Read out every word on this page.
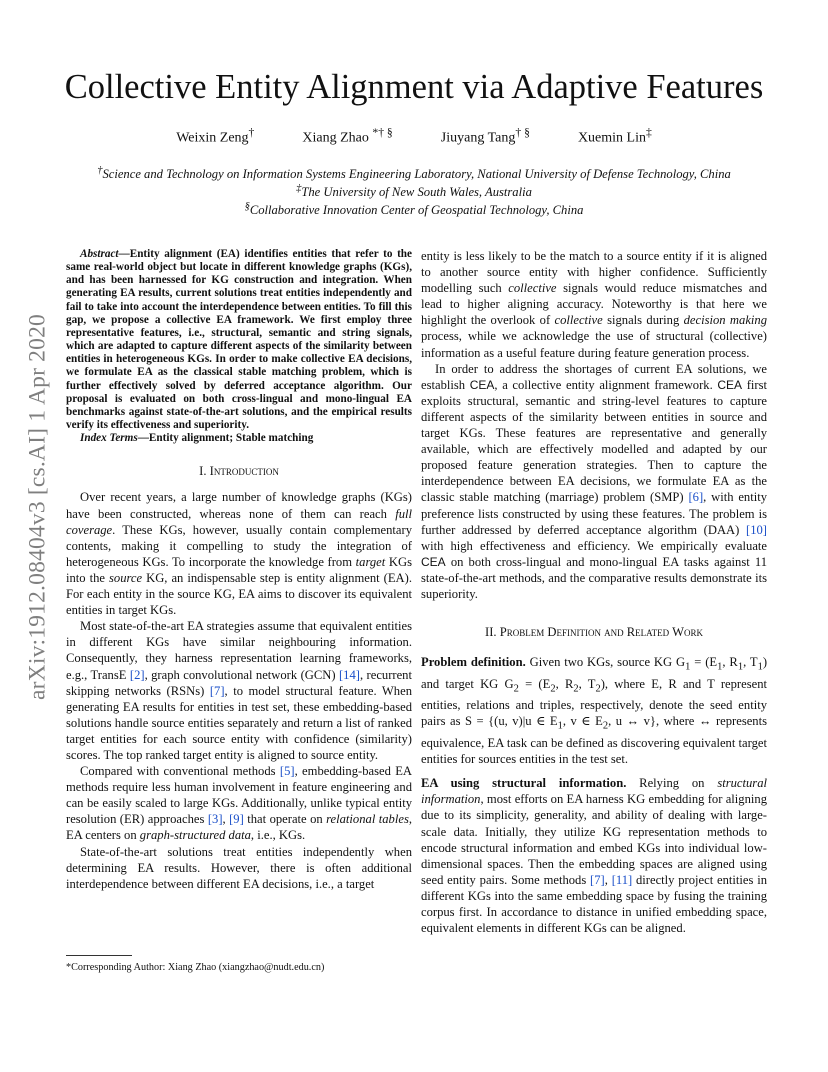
arXiv:1912.08404v3 [cs.AI] 1 Apr 2020
Collective Entity Alignment via Adaptive Features
Weixin Zeng†	Xiang Zhao *† §	Jiuyang Tang† §	Xuemin Lin‡
†Science and Technology on Information Systems Engineering Laboratory, National University of Defense Technology, China
‡The University of New South Wales, Australia
§Collaborative Innovation Center of Geospatial Technology, China

Abstract—Entity alignment (EA) identifies entities that refer to the same real-world object but locate in different knowledge graphs (KGs), and has been harnessed for KG construction and integration. When generating EA results, current solutions treat entities independently and fail to take into account the interdependence between entities. To fill this gap, we propose a collective EA framework. We first employ three representative features, i.e., structural, semantic and string signals, which are adapted to capture different aspects of the similarity between entities in heterogeneous KGs. In order to make collective EA decisions, we formulate EA as the classical stable matching problem, which is further effectively solved by deferred acceptance algorithm. Our proposal is evaluated on both cross-lingual and mono-lingual EA benchmarks against state-of-the-art solutions, and the empirical results verify its effectiveness and superiority.

Index Terms—Entity alignment; Stable matching

I. Introduction

Over recent years, a large number of knowledge graphs (KGs) have been constructed, whereas none of them can reach full coverage. These KGs, however, usually contain complementary contents, making it compelling to study the integration of heterogeneous KGs. To incorporate the knowledge from target KGs into the source KG, an indispensable step is entity alignment (EA). For each entity in the source KG, EA aims to discover its equivalent entities in target KGs.

Most state-of-the-art EA strategies assume that equivalent entities in different KGs have similar neighbouring information. Consequently, they harness representation learning frameworks, e.g., TransE [2], graph convolutional network (GCN) [14], recurrent skipping networks (RSNs) [7], to model structural feature. When generating EA results for entities in test set, these embedding-based solutions handle source entities separately and return a list of ranked target entities for each source entity with confidence (similarity) scores. The top ranked target entity is aligned to source entity.

Compared with conventional methods [5], embedding-based EA methods require less human involvement in feature engineering and can be easily scaled to large KGs. Additionally, unlike typical entity resolution (ER) approaches [3], [9] that operate on relational tables, EA centers on graph-structured data, i.e., KGs.

State-of-the-art solutions treat entities independently when determining EA results. However, there is often additional interdependence between different EA decisions, i.e., a target

*Corresponding Author: Xiang Zhao (xiangzhao@nudt.edu.cn)

entity is less likely to be the match to a source entity if it is aligned to another source entity with higher confidence. Sufficiently modelling such collective signals would reduce mismatches and lead to higher aligning accuracy. Noteworthy is that here we highlight the overlook of collective signals during decision making process, while we acknowledge the use of structural (collective) information as a useful feature during feature generation process.

In order to address the shortages of current EA solutions, we establish CEA, a collective entity alignment framework. CEA first exploits structural, semantic and string-level features to capture different aspects of the similarity between entities in source and target KGs. These features are representative and generally available, which are effectively modelled and adapted by our proposed feature generation strategies. Then to capture the interdependence between EA decisions, we formulate EA as the classic stable matching (marriage) problem (SMP) [6], with entity preference lists constructed by using these features. The problem is further addressed by deferred acceptance algorithm (DAA) [10] with high effectiveness and efficiency. We empirically evaluate CEA on both cross-lingual and mono-lingual EA tasks against 11 state-of-the-art methods, and the comparative results demonstrate its superiority.

II. Problem Definition and Related Work

Problem definition. Given two KGs, source KG $G_1 = (E_1$, $R_1$, $T_1$) and target KG $G_2 = (E_2$, $R_2$, $T_2$), where E, R and T represent entities, relations and triples, respectively, denote the seed entity pairs as S = {(u, v)|u ∈ $E_1$, v ∈ $E_2$, u ↔ v}, where ↔ represents equivalence, EA task can be defined as discovering equivalent target entities for sources entities in the test set.

EA using structural information. Relying on structural information, most efforts on EA harness KG embedding for aligning due to its simplicity, generality, and ability of dealing with large-scale data. Initially, they utilize KG representation methods to encode structural information and embed KGs into individual low-dimensional spaces. Then the embedding spaces are aligned using seed entity pairs. Some methods [7], [11] directly project entities in different KGs into the same embedding space by fusing the training corpus first. In accordance to distance in unified embedding space, equivalent elements in different KGs can be aligned.
